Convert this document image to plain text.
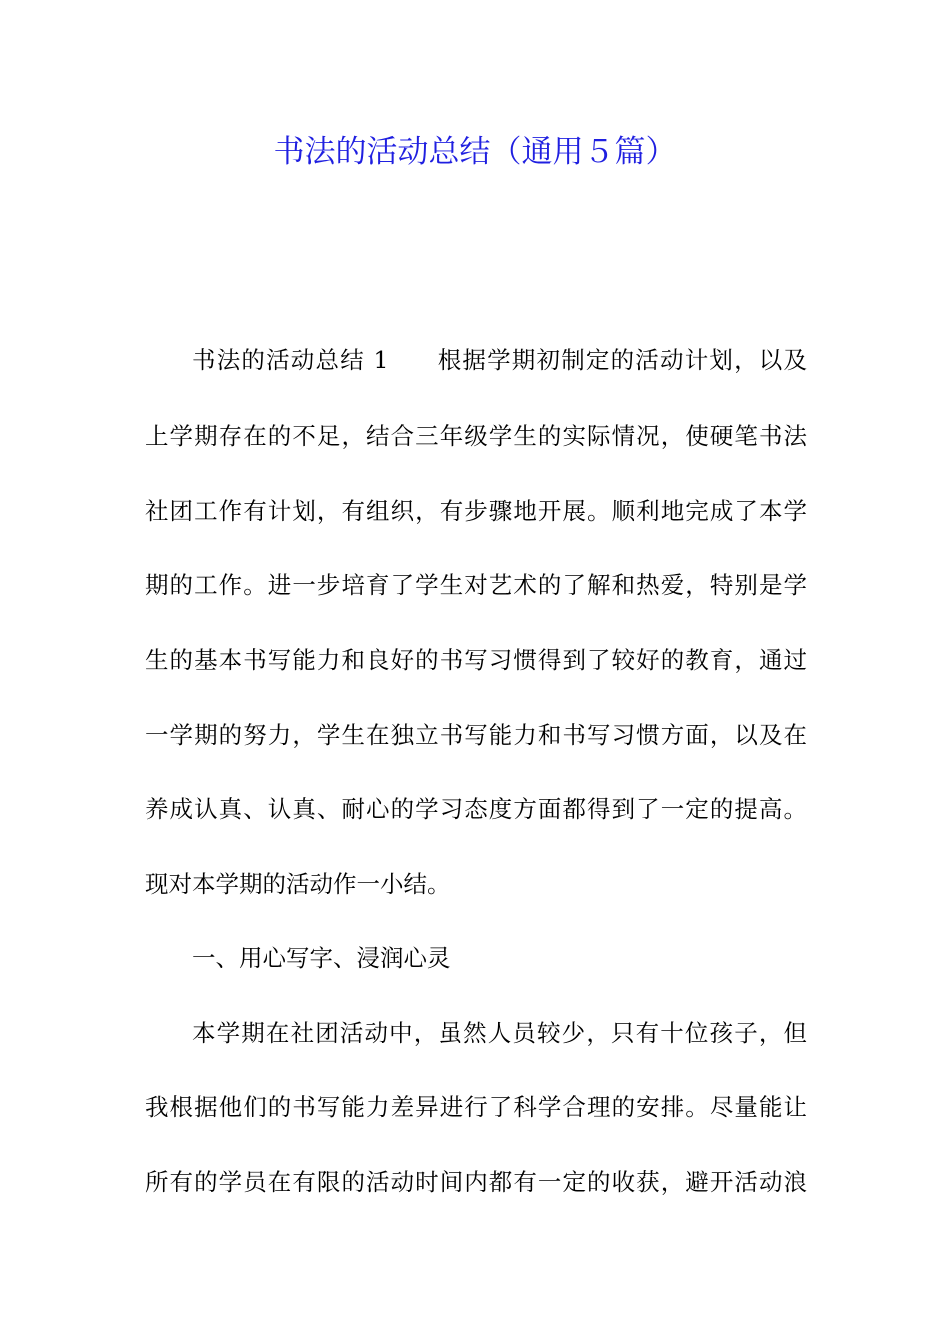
书法的活动总结（通用５篇）
书法的活动总结 1 根据学期初制定的活动计划，以及
上学期存在的不足，结合三年级学生的实际情况，使硬笔书法
社团工作有计划，有组织，有步骤地开展。顺利地完成了本学
期的工作。进一步培育了学生对艺术的了解和热爱，特别是学
生的基本书写能力和良好的书写习惯得到了较好的教育，通过
一学期的努力，学生在独立书写能力和书写习惯方面，以及在
养成认真、认真、耐心的学习态度方面都得到了一定的提高。
现对本学期的活动作一小结。
一、用心写字、浸润心灵
本学期在社团活动中，虽然人员较少，只有十位孩子，但
我根据他们的书写能力差异进行了科学合理的安排。尽量能让
所有的学员在有限的活动时间内都有一定的收获，避开活动浪
